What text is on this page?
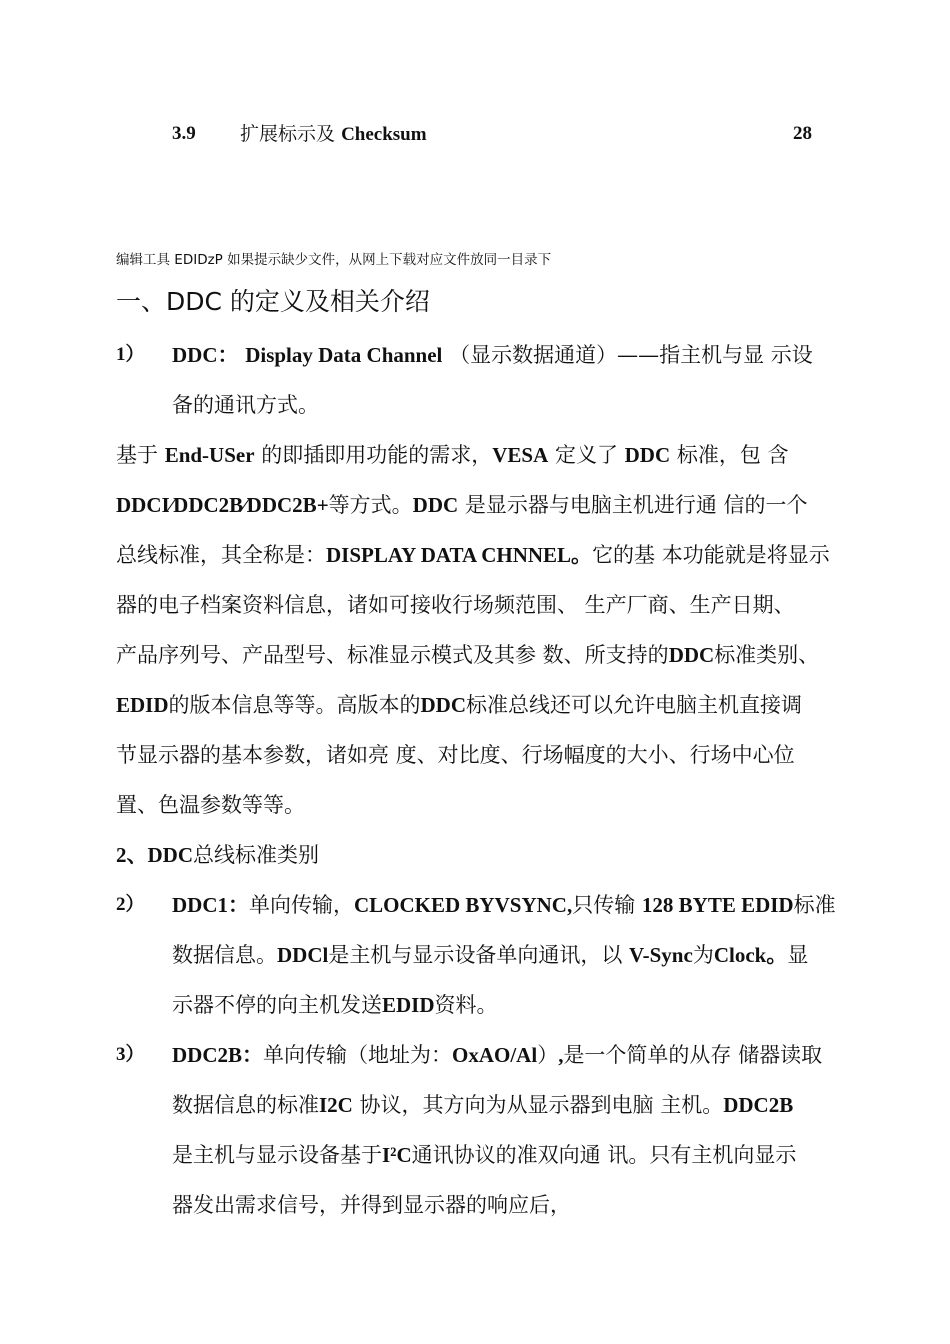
3.9 扩展标示及 Checksum	28
编辑工具 EDIDzP 如果提示缺少文件，从网上下载对应文件放同一目录下
一、DDC 的定义及相关介绍
1） DDC： Display Data Channel （显示数据通道）——指主机与显 示设
备的通讯方式。
基于 End-USer 的即插即用功能的需求，VESA 定义了 DDC 标准，包 含
DDCI⁄DDC2B⁄DDC2B+等方式。DDC 是显示器与电脑主机进行通 信的一个
总线标准，其全称是：DISPLAY DATA CHNNEL。它的基 本功能就是将显示
器的电子档案资料信息，诸如可接收行场频范围、 生产厂商、生产日期、
产品序列号、产品型号、标准显示模式及其参 数、所支持的DDC标准类别、
EDID的版本信息等等。高版本的DDC标准总线还可以允许电脑主机直接调
节显示器的基本参数，诸如亮 度、对比度、行场幅度的大小、行场中心位
置、色温参数等等。
2、DDC总线标准类别
2） DDC1：单向传输，CLOCKED BYVSYNC,只传输 128 BYTE EDID标准
数据信息。DDCl是主机与显示设备单向通讯，以 V-Sync为Clock。显
示器不停的向主机发送EDID资料。
3） DDC2B：单向传输（地址为：OxAO/Al）,是一个简单的从存 储器读取
数据信息的标准I2C 协议，其方向为从显示器到电脑 主机。DDC2B
是主机与显示设备基于I²C通讯协议的准双向通 讯。只有主机向显示
器发出需求信号，并得到显示器的响应后，
